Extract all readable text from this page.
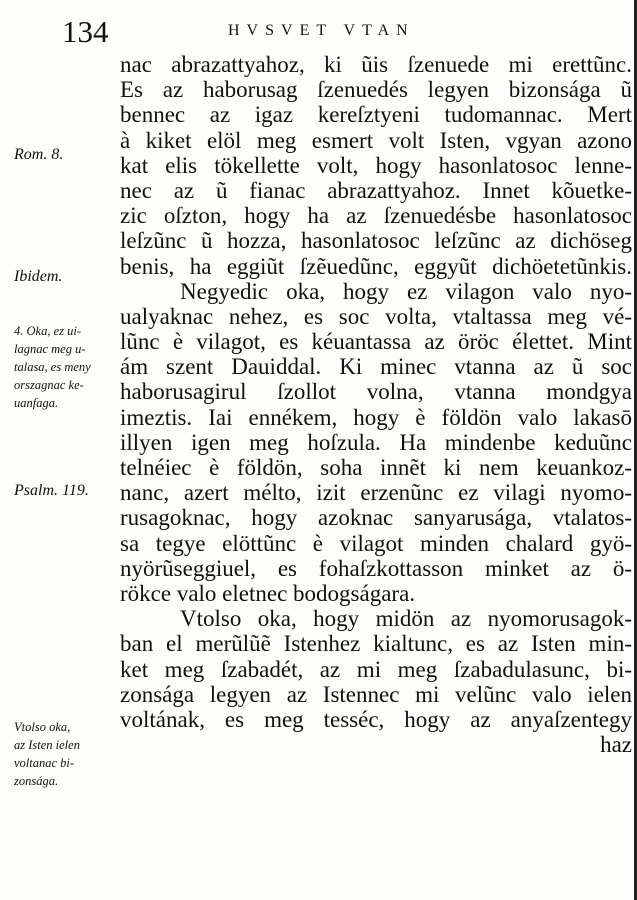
134	HVSVET VTAN
Rom. 8.
Ibidem.
4. Oka, ez ui-
lagnac meg u-
talasa, es meny
orszagnac ke-
uanfaga.
Psalm. 119.
Vtolso oka,
az Isten ielen
voltanac bi-
zonsága.
nac abrazattyahoz, ki ũis ſzenuede mi erettũnc.
Es az haborusag ſzenuedés legyen bizonsága ũ
bennec az igaz kereſztyeni tudomannac. Mert
à kiket elöl meg esmert volt Isten, vgyan azono
kat elis tökellette volt, hogy hasonlatosoc lenne-
nec az ũ fianac abrazattyahoz. Innet kõuetke-
zic oſzton, hogy ha az ſzenuedésbe hasonlatosoc
leſzũnc ũ hozza, hasonlatosoc leſzũnc az dichöseg
benis, ha eggiũt ſzẽuedũnc, eggyũt dichöetetũnkis.
Negyedic oka, hogy ez vilagon valo nyo-
ualyaknac nehez, es soc volta, vtaltassa meg vé-
lũnc è vilagot, es kéuantassa az öröc élettet. Mint
ám szent Dauiddal. Ki minec vtanna az ũ soc
haborusagirul ſzollot volna, vtanna mondgya
imeztis. Iai ennékem, hogy è földön valo lakasō
illyen igen meg hoſzula. Ha mindenbe keduũnc
telnéiec è földön, soha innẽt ki nem keuankoz-
nanc, azert mélto, izit erzenũnc ez vilagi nyomo-
rusagoknac, hogy azoknac sanyarusága, vtalatos-
sa tegye elöttũnc è vilagot minden chalard gyö-
nyörũseggiuel, es fohaſzkottasson minket az ö-
rökce valo eletnec bodogságara.
Vtolso oka, hogy midön az nyomorusagok-
ban el merũlũẽ Istenhez kialtunc, es az Isten min-
ket meg ſzabadét, az mi meg ſzabadulasunc, bi-
zonsága legyen az Istennec mi velũnc valo ielen
voltának, es meg tesséc, hogy az anyaſzentegy
haz
